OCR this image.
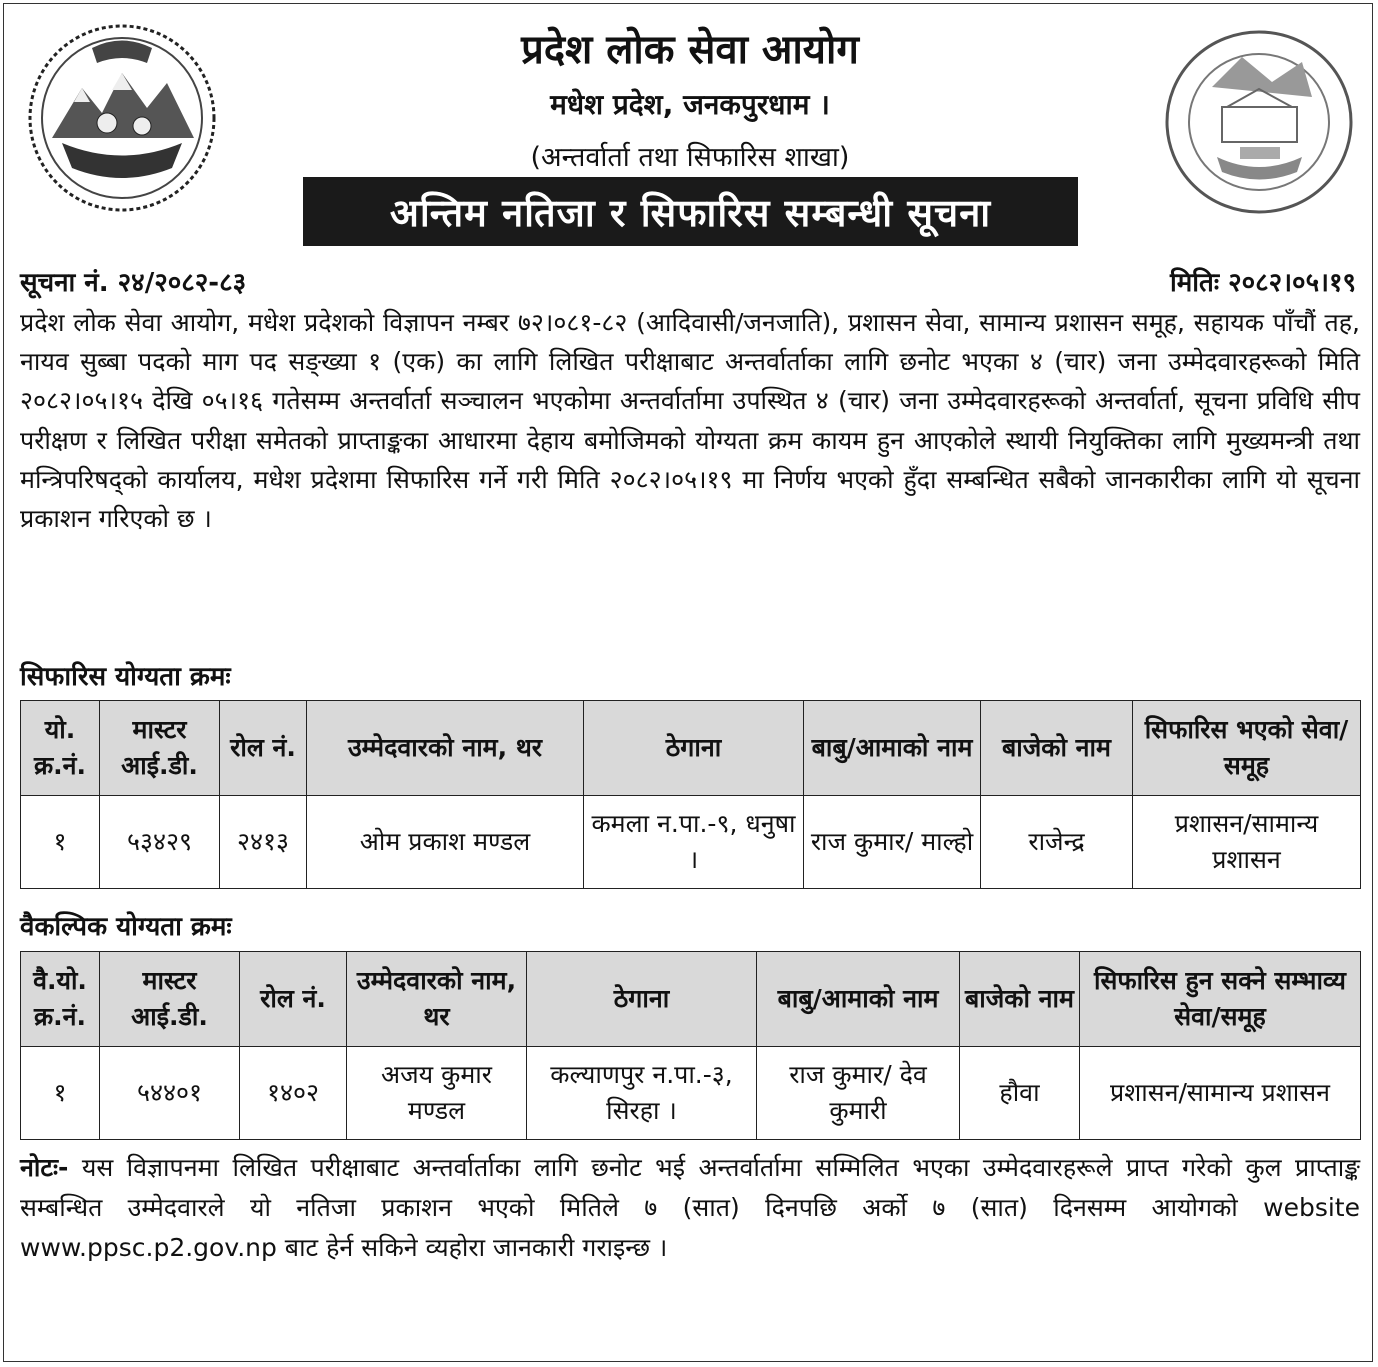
प्रदेश लोक सेवा आयोग
मधेश प्रदेश, जनकपुरधाम ।
(अन्तर्वार्ता तथा सिफारिस शाखा)
अन्तिम नतिजा र सिफारिस सम्बन्धी सूचना
सूचना नं. २४/२०८२-८३	मितिः २०८२।०५।१९
प्रदेश लोक सेवा आयोग, मधेश प्रदेशको विज्ञापन नम्बर ७२।०८१-८२ (आदिवासी/जनजाति), प्रशासन सेवा, सामान्य प्रशासन समूह, सहायक पाँचौं तह, नायव सुब्बा पदको माग पद सङ्ख्या १ (एक) का लागि लिखित परीक्षाबाट अन्तर्वार्ताका लागि छनोट भएका ४ (चार) जना उम्मेदवारहरूको मिति २०८२।०५।१५ देखि ०५।१६ गतेसम्म अन्तर्वार्ता सञ्चालन भएकोमा अन्तर्वार्तामा उपस्थित ४ (चार) जना उम्मेदवारहरूको अन्तर्वार्ता, सूचना प्रविधि सीप परीक्षण र लिखित परीक्षा समेतको प्राप्ताङ्कका आधारमा देहाय बमोजिमको योग्यता क्रम कायम हुन आएकोले स्थायी नियुक्तिका लागि मुख्यमन्त्री तथा मन्त्रिपरिषद्को कार्यालय, मधेश प्रदेशमा सिफारिस गर्ने गरी मिति २०८२।०५।१९ मा निर्णय भएको हुँदा सम्बन्धित सबैको जानकारीका लागि यो सूचना प्रकाशन गरिएको छ ।
सिफारिस योग्यता क्रमः
यो. क्र.नं.	मास्टर आई.डी.	रोल नं.	उम्मेदवारको नाम, थर	ठेगाना	बाबु/आमाको नाम	बाजेको नाम	सिफारिस भएको सेवा/समूह
१	५३४२९	२४१३	ओम प्रकाश मण्डल	कमला न.पा.-९, धनुषा ।	राज कुमार/ माल्हो	राजेन्द्र	प्रशासन/सामान्य प्रशासन
वैकल्पिक योग्यता क्रमः
वै.यो. क्र.नं.	मास्टर आई.डी.	रोल नं.	उम्मेदवारको नाम, थर	ठेगाना	बाबु/आमाको नाम	बाजेको नाम	सिफारिस हुन सक्ने सम्भाव्य सेवा/समूह
१	५४४०१	१४०२	अजय कुमार मण्डल	कल्याणपुर न.पा.-३, सिरहा ।	राज कुमार/ देव कुमारी	हौवा	प्रशासन/सामान्य प्रशासन
नोटः- यस विज्ञापनमा लिखित परीक्षाबाट अन्तर्वार्ताका लागि छनोट भई अन्तर्वार्तामा सम्मिलित भएका उम्मेदवारहरूले प्राप्त गरेको कुल प्राप्ताङ्क सम्बन्धित उम्मेदवारले यो नतिजा प्रकाशन भएको मितिले ७ (सात) दिनपछि अर्को ७ (सात) दिनसम्म आयोगको website www.ppsc.p2.gov.np बाट हेर्न सकिने व्यहोरा जानकारी गराइन्छ ।
